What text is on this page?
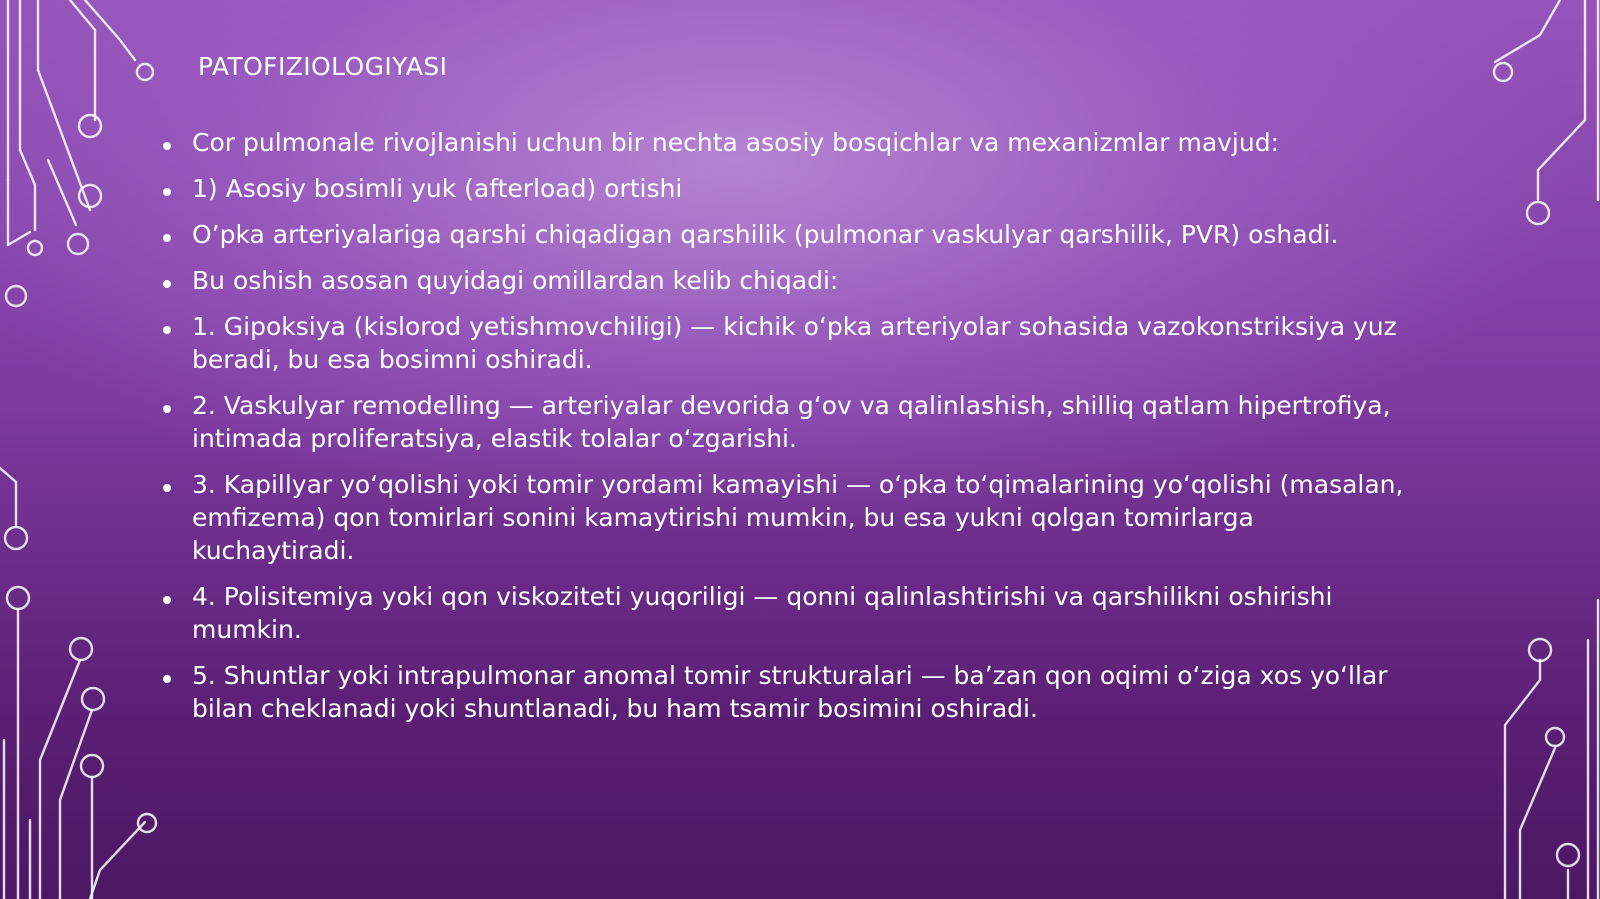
PATOFIZIOLOGIYASI
Cor pulmonale rivojlanishi uchun bir nechta asosiy bosqichlar va mexanizmlar mavjud:
1) Asosiy bosimli yuk (afterload) ortishi
O’pka arteriyalariga qarshi chiqadigan qarshilik (pulmonar vaskulyar qarshilik, PVR) oshadi.
Bu oshish asosan quyidagi omillardan kelib chiqadi:
1. Gipoksiya (kislorod yetishmovchiligi) — kichik oʻpka arteriyolar sohasida vazokonstriksiya yuz beradi, bu esa bosimni oshiradi.
2. Vaskulyar remodelling — arteriyalar devorida gʻov va qalinlashish, shilliq qatlam hipertrofiya, intimada proliferatsiya, elastik tolalar oʻzgarishi.
3. Kapillyar yoʻqolishi yoki tomir yordami kamayishi — oʻpka toʻqimalarining yoʻqolishi (masalan, emfizema) qon tomirlari sonini kamaytirishi mumkin, bu esa yukni qolgan tomirlarga kuchaytiradi.
4. Polisitemiya yoki qon viskoziteti yuqoriligi — qonni qalinlashtirishi va qarshilikni oshirishi mumkin.
5. Shuntlar yoki intrapulmonar anomal tomir strukturalari — baʼzan qon oqimi oʻziga xos yoʻllar bilan cheklanadi yoki shuntlanadi, bu ham tsamir bosimini oshiradi.
